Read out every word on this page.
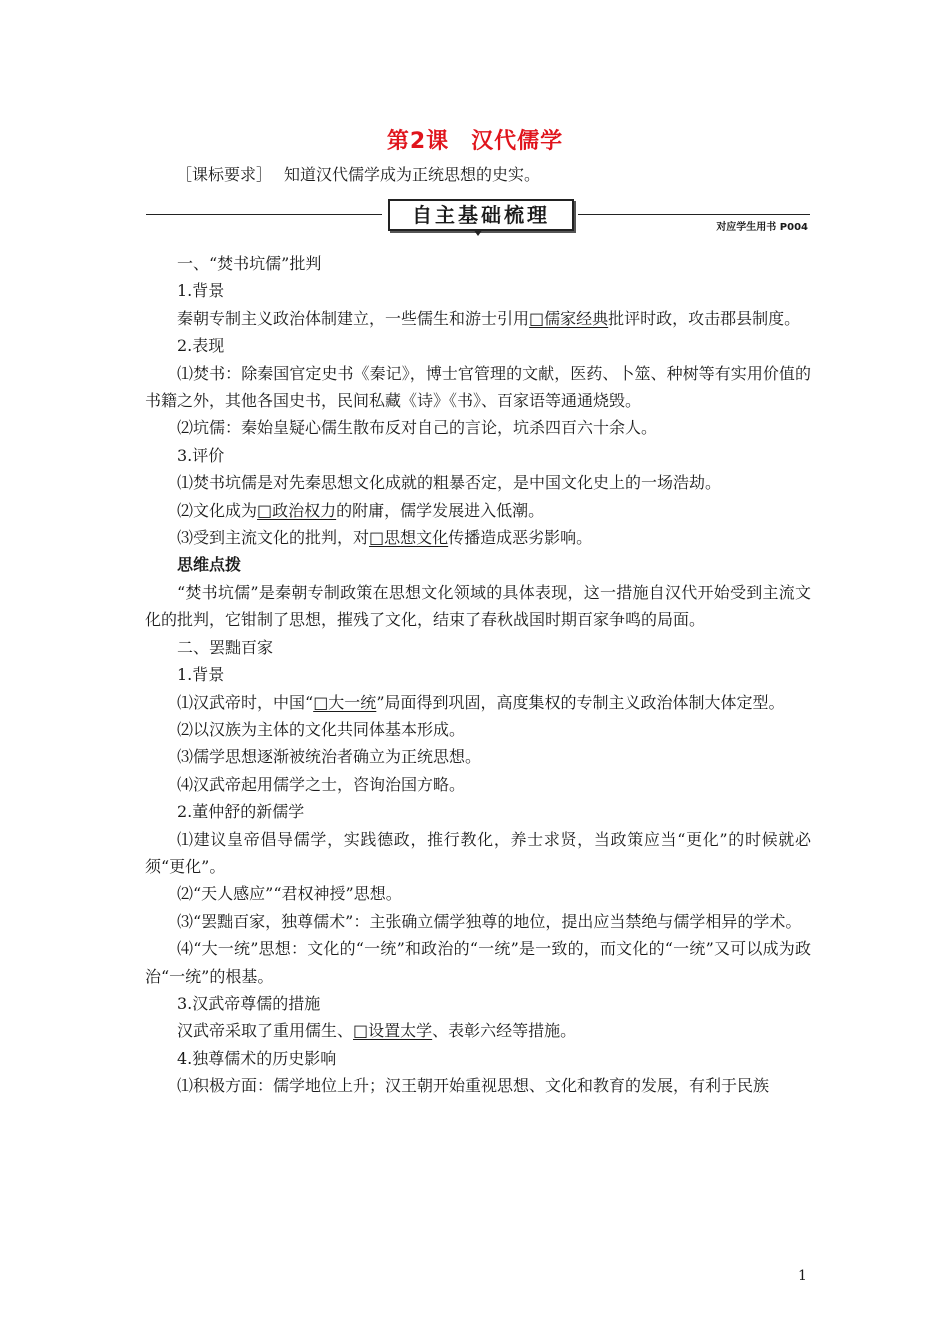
第2课 汉代儒学
［课标要求］ 知道汉代儒学成为正统思想的史实。
自主基础梳理
对应学生用书 P004

一、“焚书坑儒”批判

1.背景

秦朝专制主义政治体制建立，一些儒生和游士引用□儒家经典批评时政，攻击郡县制度。

2.表现

⑴焚书：除秦国官定史书《秦记》，博士官管理的文献，医药、卜筮、种树等有实用价值的书籍之外，其他各国史书，民间私藏《诗》《书》、百家语等通通烧毁。

⑵坑儒：秦始皇疑心儒生散布反对自己的言论，坑杀四百六十余人。

3.评价

⑴焚书坑儒是对先秦思想文化成就的粗暴否定，是中国文化史上的一场浩劫。

⑵文化成为□政治权力的附庸，儒学发展进入低潮。

⑶受到主流文化的批判，对□思想文化传播造成恶劣影响。

思维点拨

“焚书坑儒”是秦朝专制政策在思想文化领域的具体表现，这一措施自汉代开始受到主流文化的批判，它钳制了思想，摧残了文化，结束了春秋战国时期百家争鸣的局面。

二、罢黜百家

1.背景

⑴汉武帝时，中国“□大一统”局面得到巩固，高度集权的专制主义政治体制大体定型。

⑵以汉族为主体的文化共同体基本形成。

⑶儒学思想逐渐被统治者确立为正统思想。

⑷汉武帝起用儒学之士，咨询治国方略。

2.董仲舒的新儒学

⑴建议皇帝倡导儒学，实践德政，推行教化，养士求贤，当政策应当“更化”的时候就必须“更化”。

⑵“天人感应”“君权神授”思想。

⑶“罢黜百家，独尊儒术”：主张确立儒学独尊的地位，提出应当禁绝与儒学相异的学术。

⑷“大一统”思想：文化的“一统”和政治的“一统”是一致的，而文化的“一统”又可以成为政治“一统”的根基。

3.汉武帝尊儒的措施

汉武帝采取了重用儒生、□设置太学、表彰六经等措施。

4.独尊儒术的历史影响

⑴积极方面：儒学地位上升；汉王朝开始重视思想、文化和教育的发展，有利于民族

1
